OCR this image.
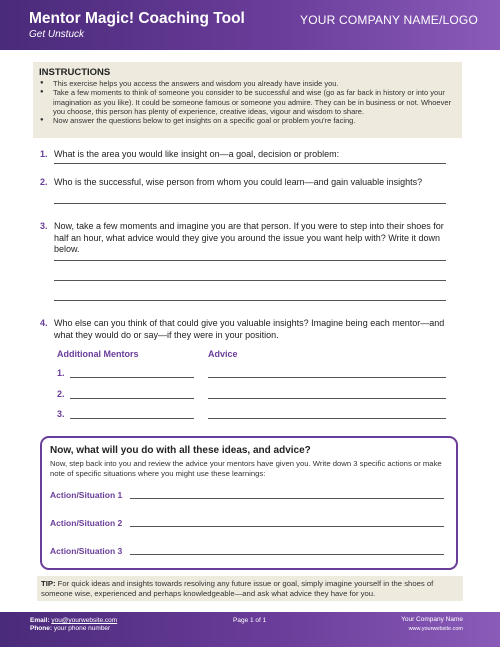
Mentor Magic! Coaching Tool
Get Unstuck
YOUR COMPANY NAME/LOGO
INSTRUCTIONS
● This exercise helps you access the answers and wisdom you already have inside you.
● Take a few moments to think of someone you consider to be successful and wise (go as far back in history or into your imagination as you like). It could be someone famous or someone you admire. They can be in business or not. Whoever you choose, this person has plenty of experience, creative ideas, vigour and wisdom to share.
● Now answer the questions below to get insights on a specific goal or problem you're facing.
1. What is the area you would like insight on—a goal, decision or problem:
2. Who is the successful, wise person from whom you could learn—and gain valuable insights?
3. Now, take a few moments and imagine you are that person. If you were to step into their shoes for half an hour, what advice would they give you around the issue you want help with? Write it down below.
4. Who else can you think of that could give you valuable insights? Imagine being each mentor—and what they would do or say—if they were in your position.
Additional Mentors	Advice
1.
2.
3.
Now, what will you do with all these ideas, and advice?
Now, step back into you and review the advice your mentors have given you. Write down 3 specific actions or make note of specific situations where you might use these learnings:
Action/Situation 1
Action/Situation 2
Action/Situation 3
TIP: For quick ideas and insights towards resolving any future issue or goal, simply imagine yourself in the shoes of someone wise, experienced and perhaps knowledgeable—and ask what advice they have for you.
Email: you@yourwebsite.com
Phone: your phone number
Page 1 of 1	Your Company Name
www.yourwebsite.com
